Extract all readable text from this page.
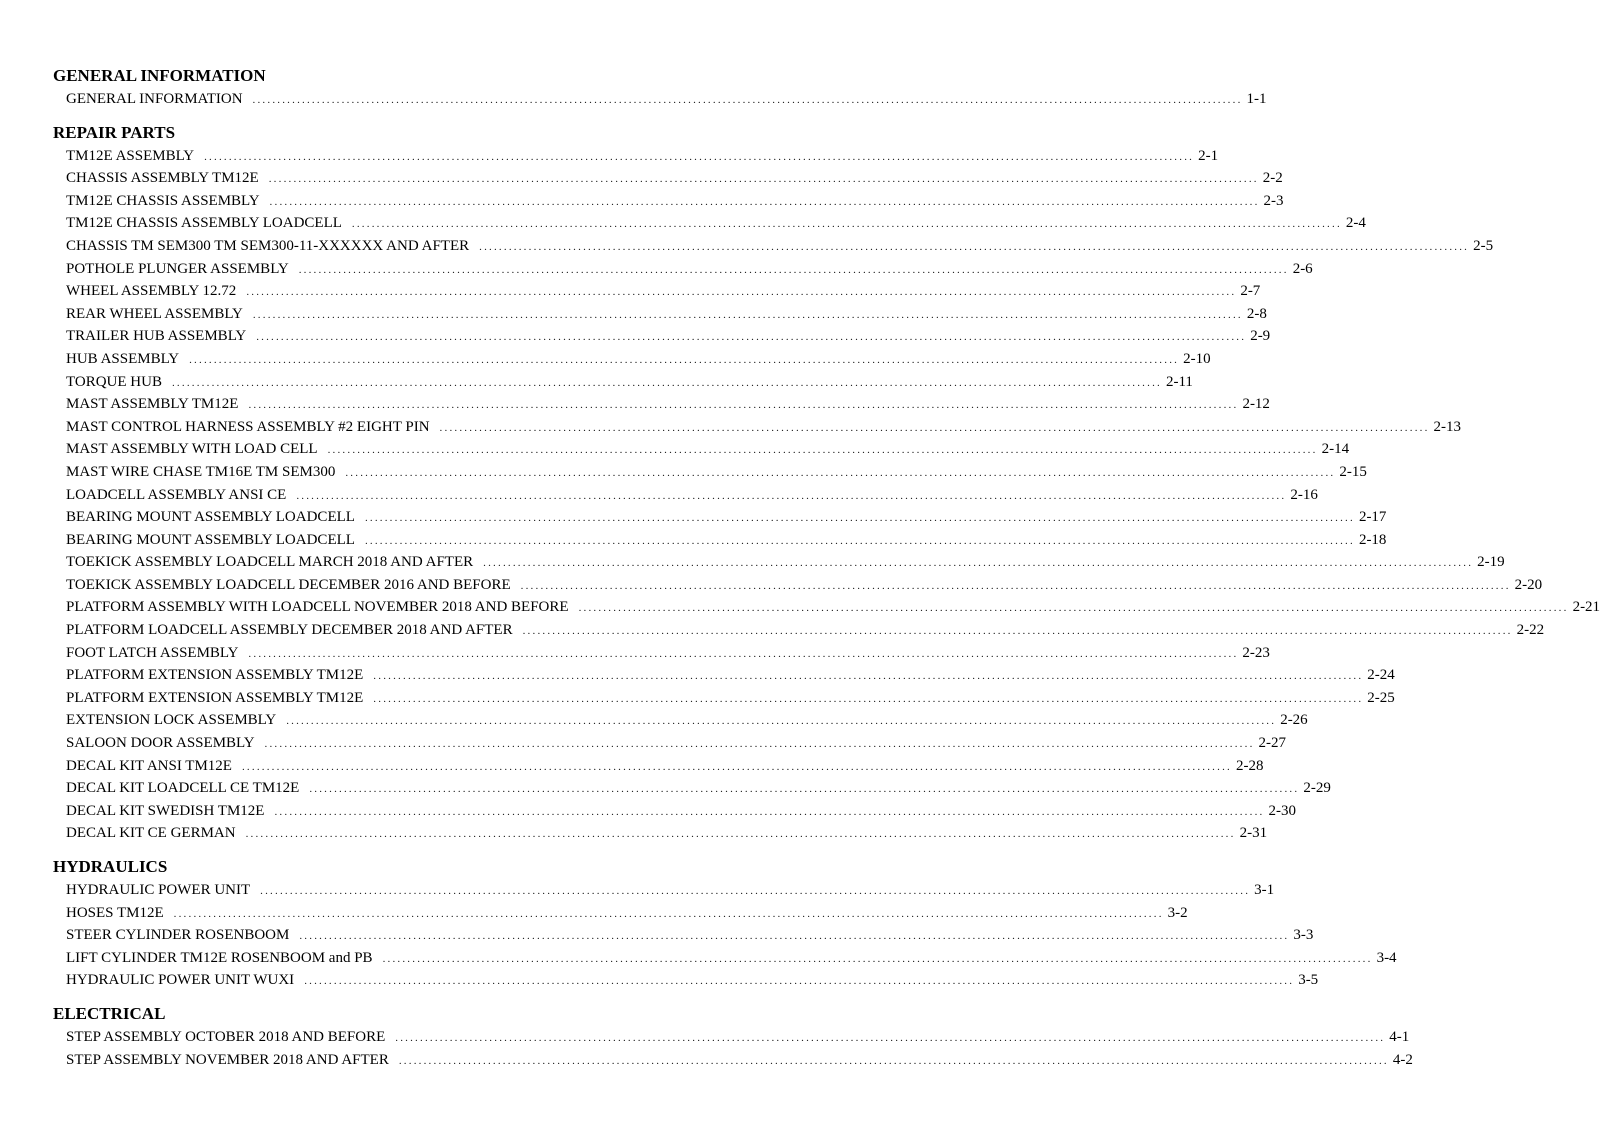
GENERAL INFORMATION
GENERAL INFORMATION ........................................................................................................................................................................................................ 1-1
REPAIR PARTS
TM12E ASSEMBLY ........................................................................................................................................................................................................ 2-1
CHASSIS ASSEMBLY TM12E ........................................................................................................................................................................................................ 2-2
TM12E CHASSIS ASSEMBLY ........................................................................................................................................................................................................ 2-3
TM12E CHASSIS ASSEMBLY LOADCELL ........................................................................................................................................................................................................ 2-4
CHASSIS TM SEM300 TM SEM300-11-XXXXXX AND AFTER ........................................................................................................................................................................................................ 2-5
POTHOLE PLUNGER ASSEMBLY ........................................................................................................................................................................................................ 2-6
WHEEL ASSEMBLY 12.72 ........................................................................................................................................................................................................ 2-7
REAR WHEEL ASSEMBLY ........................................................................................................................................................................................................ 2-8
TRAILER HUB ASSEMBLY ........................................................................................................................................................................................................ 2-9
HUB ASSEMBLY ........................................................................................................................................................................................................ 2-10
TORQUE HUB ........................................................................................................................................................................................................ 2-11
MAST ASSEMBLY TM12E ........................................................................................................................................................................................................ 2-12
MAST CONTROL HARNESS ASSEMBLY #2 EIGHT PIN ........................................................................................................................................................................................................ 2-13
MAST ASSEMBLY WITH LOAD CELL ........................................................................................................................................................................................................ 2-14
MAST WIRE CHASE TM16E TM SEM300 ........................................................................................................................................................................................................ 2-15
LOADCELL ASSEMBLY ANSI CE ........................................................................................................................................................................................................ 2-16
BEARING MOUNT ASSEMBLY LOADCELL ........................................................................................................................................................................................................ 2-17
BEARING MOUNT ASSEMBLY LOADCELL ........................................................................................................................................................................................................ 2-18
TOEKICK ASSEMBLY LOADCELL MARCH 2018 AND AFTER ........................................................................................................................................................................................................ 2-19
TOEKICK ASSEMBLY LOADCELL DECEMBER 2016 AND BEFORE ........................................................................................................................................................................................................ 2-20
PLATFORM ASSEMBLY WITH LOADCELL NOVEMBER 2018 AND BEFORE ........................................................................................................................................................................................................ 2-21
PLATFORM LOADCELL ASSEMBLY DECEMBER 2018 AND AFTER ........................................................................................................................................................................................................ 2-22
FOOT LATCH ASSEMBLY ........................................................................................................................................................................................................ 2-23
PLATFORM EXTENSION ASSEMBLY TM12E ........................................................................................................................................................................................................ 2-24
PLATFORM EXTENSION ASSEMBLY TM12E ........................................................................................................................................................................................................ 2-25
EXTENSION LOCK ASSEMBLY ........................................................................................................................................................................................................ 2-26
SALOON DOOR ASSEMBLY ........................................................................................................................................................................................................ 2-27
DECAL KIT ANSI TM12E ........................................................................................................................................................................................................ 2-28
DECAL KIT LOADCELL CE TM12E ........................................................................................................................................................................................................ 2-29
DECAL KIT SWEDISH TM12E ........................................................................................................................................................................................................ 2-30
DECAL KIT CE GERMAN ........................................................................................................................................................................................................ 2-31
HYDRAULICS
HYDRAULIC POWER UNIT ........................................................................................................................................................................................................ 3-1
HOSES TM12E ........................................................................................................................................................................................................ 3-2
STEER CYLINDER ROSENBOOM ........................................................................................................................................................................................................ 3-3
LIFT CYLINDER TM12E ROSENBOOM and PB ........................................................................................................................................................................................................ 3-4
HYDRAULIC POWER UNIT WUXI ........................................................................................................................................................................................................ 3-5
ELECTRICAL
STEP ASSEMBLY OCTOBER 2018 AND BEFORE ........................................................................................................................................................................................................ 4-1
STEP ASSEMBLY NOVEMBER 2018 AND AFTER ........................................................................................................................................................................................................ 4-2
